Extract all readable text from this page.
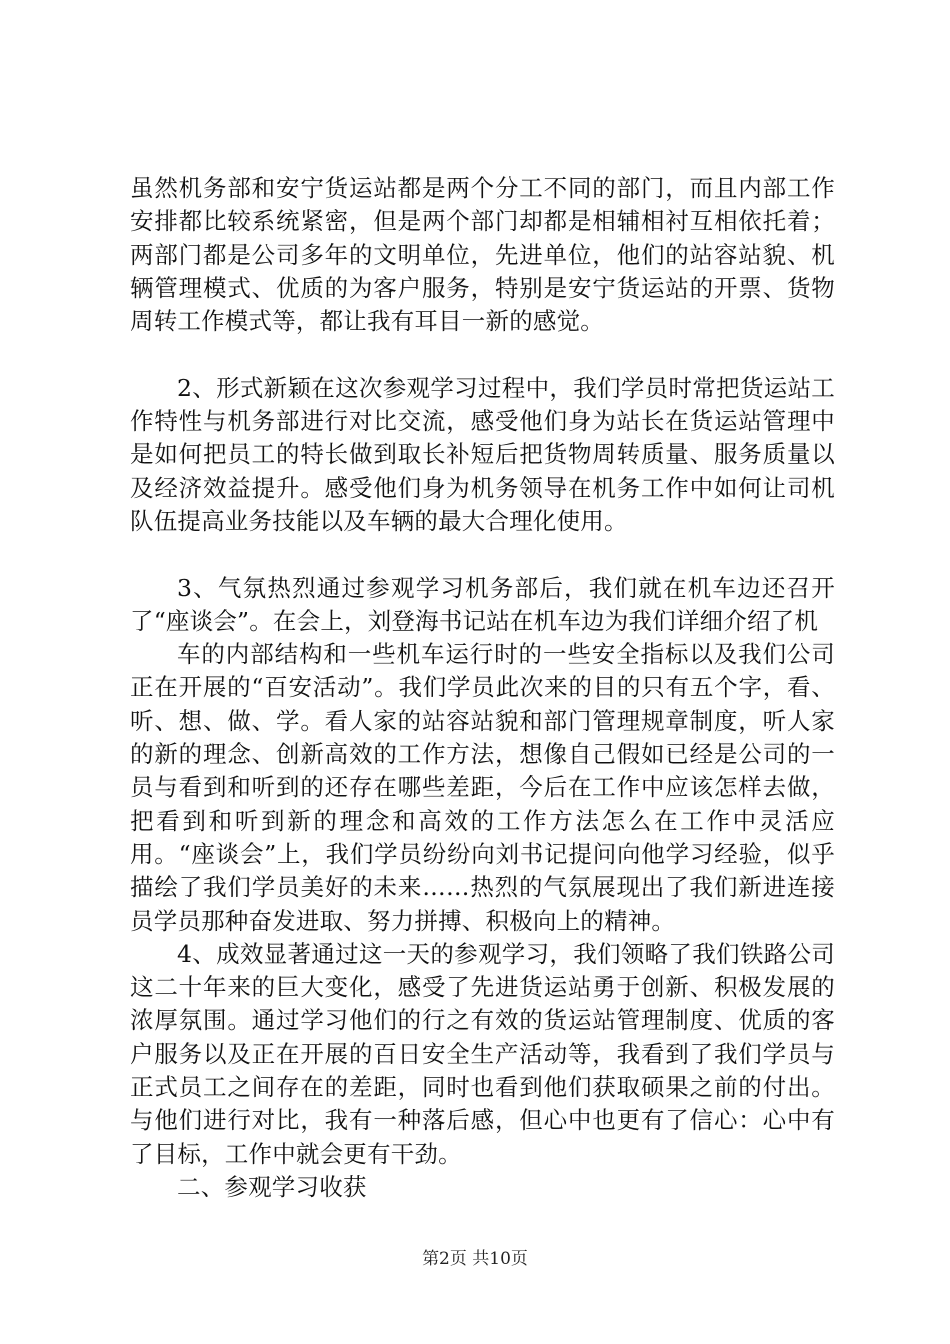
虽然机务部和安宁货运站都是两个分工不同的部门，而且内部工作安排都比较系统紧密，但是两个部门却都是相辅相衬互相依托着；两部门都是公司多年的文明单位，先进单位，他们的站容站貌、机辆管理模式、优质的为客户服务，特别是安宁货运站的开票、货物周转工作模式等，都让我有耳目一新的感觉。

2、形式新颖在这次参观学习过程中，我们学员时常把货运站工作特性与机务部进行对比交流，感受他们身为站长在货运站管理中是如何把员工的特长做到取长补短后把货物周转质量、服务质量以及经济效益提升。感受他们身为机务领导在机务工作中如何让司机队伍提高业务技能以及车辆的最大合理化使用。

3、气氛热烈通过参观学习机务部后，我们就在机车边还召开了“座谈会”。在会上，刘登海书记站在机车边为我们详细介绍了机

车的内部结构和一些机车运行时的一些安全指标以及我们公司正在开展的“百安活动”。我们学员此次来的目的只有五个字，看、听、想、做、学。看人家的站容站貌和部门管理规章制度，听人家的新的理念、创新高效的工作方法，想像自己假如已经是公司的一员与看到和听到的还存在哪些差距，今后在工作中应该怎样去做，把看到和听到新的理念和高效的工作方法怎么在工作中灵活应用。“座谈会”上，我们学员纷纷向刘书记提问向他学习经验，似乎描绘了我们学员美好的未来……热烈的气氛展现出了我们新进连接员学员那种奋发进取、努力拼搏、积极向上的精神。

4、成效显著通过这一天的参观学习，我们领略了我们铁路公司这二十年来的巨大变化，感受了先进货运站勇于创新、积极发展的浓厚氛围。通过学习他们的行之有效的货运站管理制度、优质的客户服务以及正在开展的百日安全生产活动等，我看到了我们学员与正式员工之间存在的差距，同时也看到他们获取硕果之前的付出。与他们进行对比，我有一种落后感，但心中也更有了信心：心中有了目标，工作中就会更有干劲。

二、参观学习收获

第2页 共10页
